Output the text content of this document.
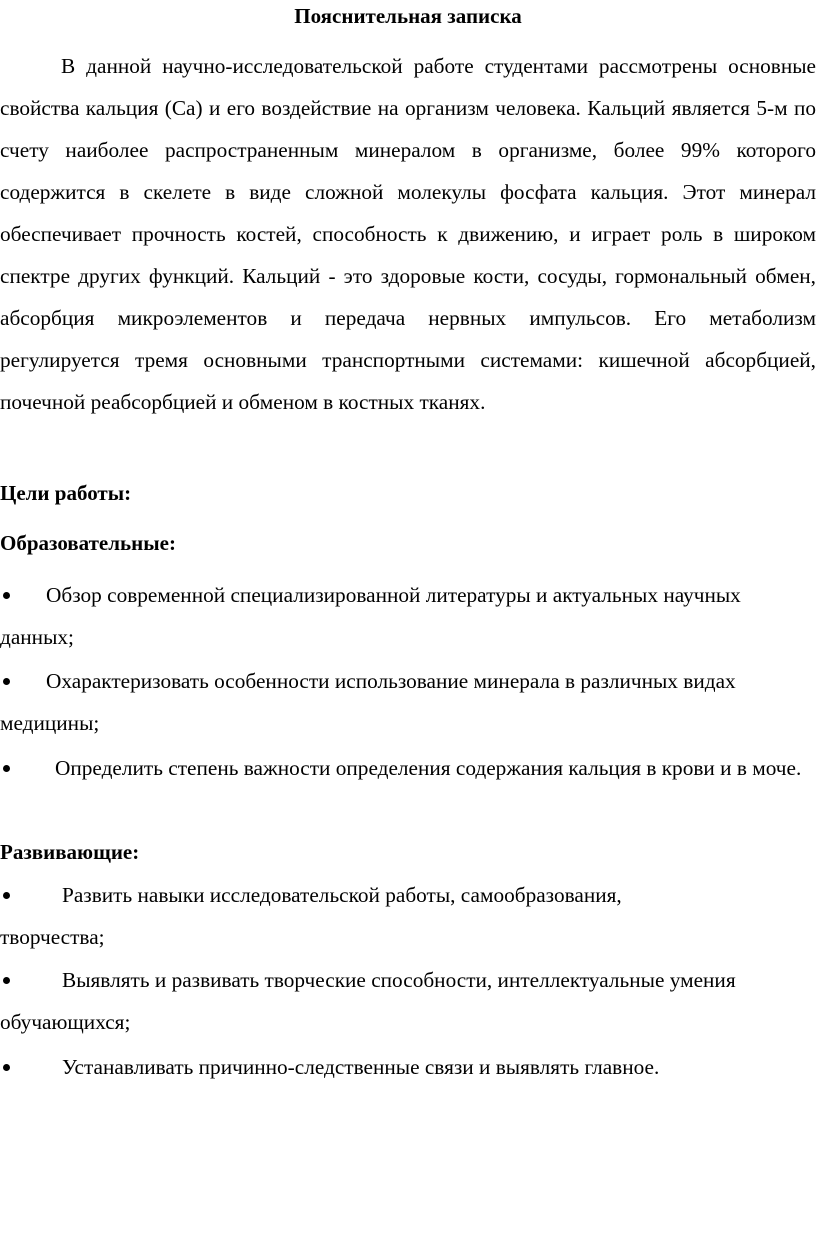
Пояснительная записка

В данной научно-исследовательской работе студентами рассмотрены основные свойства кальция (Са) и его воздействие на организм человека. Кальций является 5-м по счету наиболее распространенным минералом в организме, более 99% которого содержится в скелете в виде сложной молекулы фосфата кальция. Этот минерал обеспечивает прочность костей, способность к движению, и играет роль в широком спектре других функций. Кальций - это здоровые кости, сосуды, гормональный обмен, абсорбция микроэлементов и передача нервных импульсов. Его метаболизм регулируется тремя основными транспортными системами: кишечной абсорбцией, почечной реабсорбцией и обменом в костных тканях.

Цели работы:
Образовательные:
Обзор современной специализированной литературы и актуальных научных данных;
Охарактеризовать особенности использование минерала в различных видах медицины;
Определить степень важности определения содержания кальция в крови и в моче.
Развивающие:
Развить навыки исследовательской работы, самообразования, творчества;
Выявлять и развивать творческие способности, интеллектуальные умения обучающихся;
Устанавливать причинно-следственные связи и выявлять главное.
